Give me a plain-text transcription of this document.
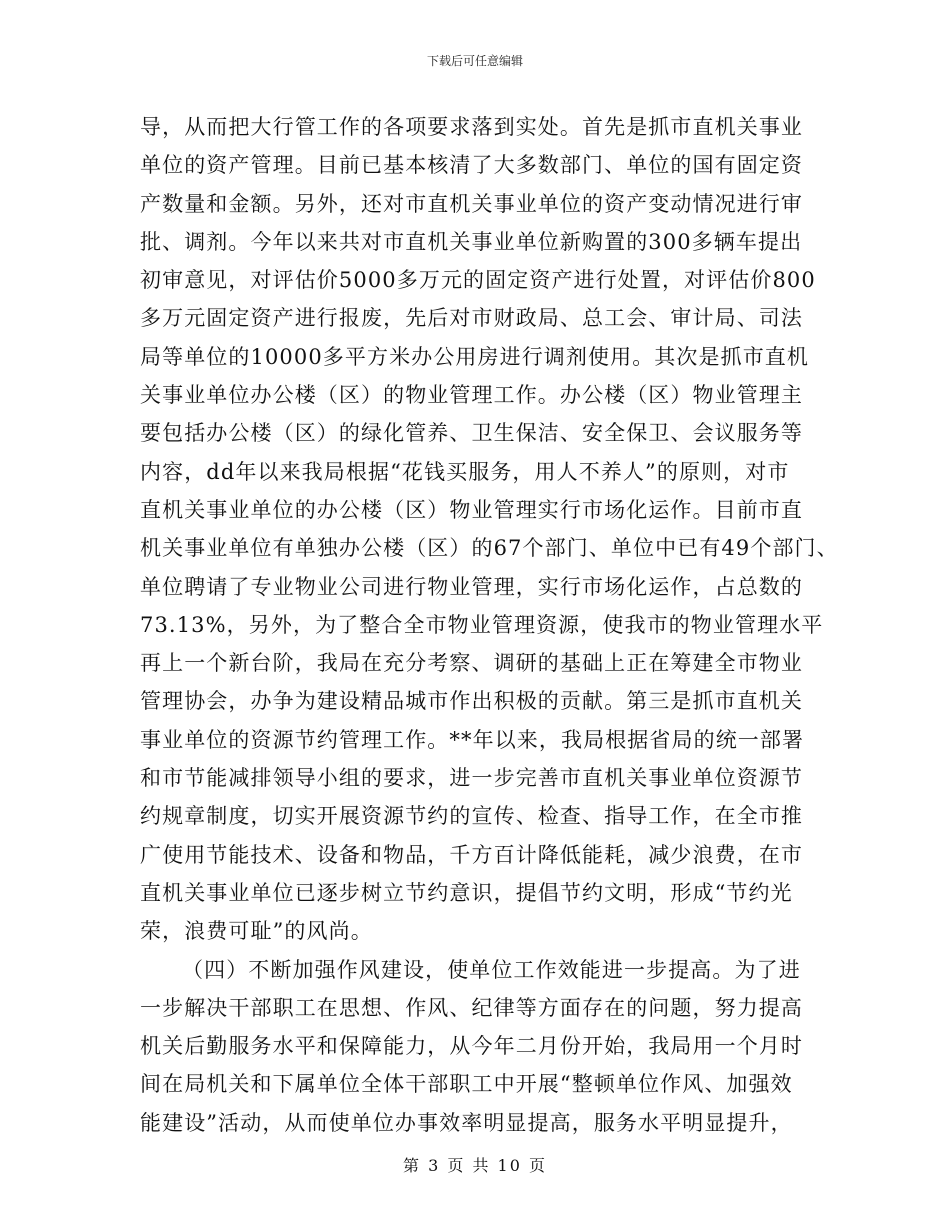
下载后可任意编辑
导，从而把大行管工作的各项要求落到实处。首先是抓市直机关事业
单位的资产管理。目前已基本核清了大多数部门、单位的国有固定资
产数量和金额。另外，还对市直机关事业单位的资产变动情况进行审
批、调剂。今年以来共对市直机关事业单位新购置的300多辆车提出
初审意见，对评估价5000多万元的固定资产进行处置，对评估价800
多万元固定资产进行报废，先后对市财政局、总工会、审计局、司法
局等单位的10000多平方米办公用房进行调剂使用。其次是抓市直机
关事业单位办公楼（区）的物业管理工作。办公楼（区）物业管理主
要包括办公楼（区）的绿化管养、卫生保洁、安全保卫、会议服务等
内容，dd年以来我局根据“花钱买服务，用人不养人”的原则，对市
直机关事业单位的办公楼（区）物业管理实行市场化运作。目前市直
机关事业单位有单独办公楼（区）的67个部门、单位中已有49个部门、
单位聘请了专业物业公司进行物业管理，实行市场化运作，占总数的
73.13%，另外，为了整合全市物业管理资源，使我市的物业管理水平
再上一个新台阶，我局在充分考察、调研的基础上正在筹建全市物业
管理协会，办争为建设精品城市作出积极的贡献。第三是抓市直机关
事业单位的资源节约管理工作。**年以来，我局根据省局的统一部署
和市节能减排领导小组的要求，进一步完善市直机关事业单位资源节
约规章制度，切实开展资源节约的宣传、检查、指导工作，在全市推
广使用节能技术、设备和物品，千方百计降低能耗，减少浪费，在市
直机关事业单位已逐步树立节约意识，提倡节约文明，形成“节约光
荣，浪费可耻”的风尚。
（四）不断加强作风建设，使单位工作效能进一步提高。为了进
一步解决干部职工在思想、作风、纪律等方面存在的问题，努力提高
机关后勤服务水平和保障能力，从今年二月份开始，我局用一个月时
间在局机关和下属单位全体干部职工中开展“整顿单位作风、加强效
能建设”活动，从而使单位办事效率明显提高，服务水平明显提升，
第 3 页 共 10 页
